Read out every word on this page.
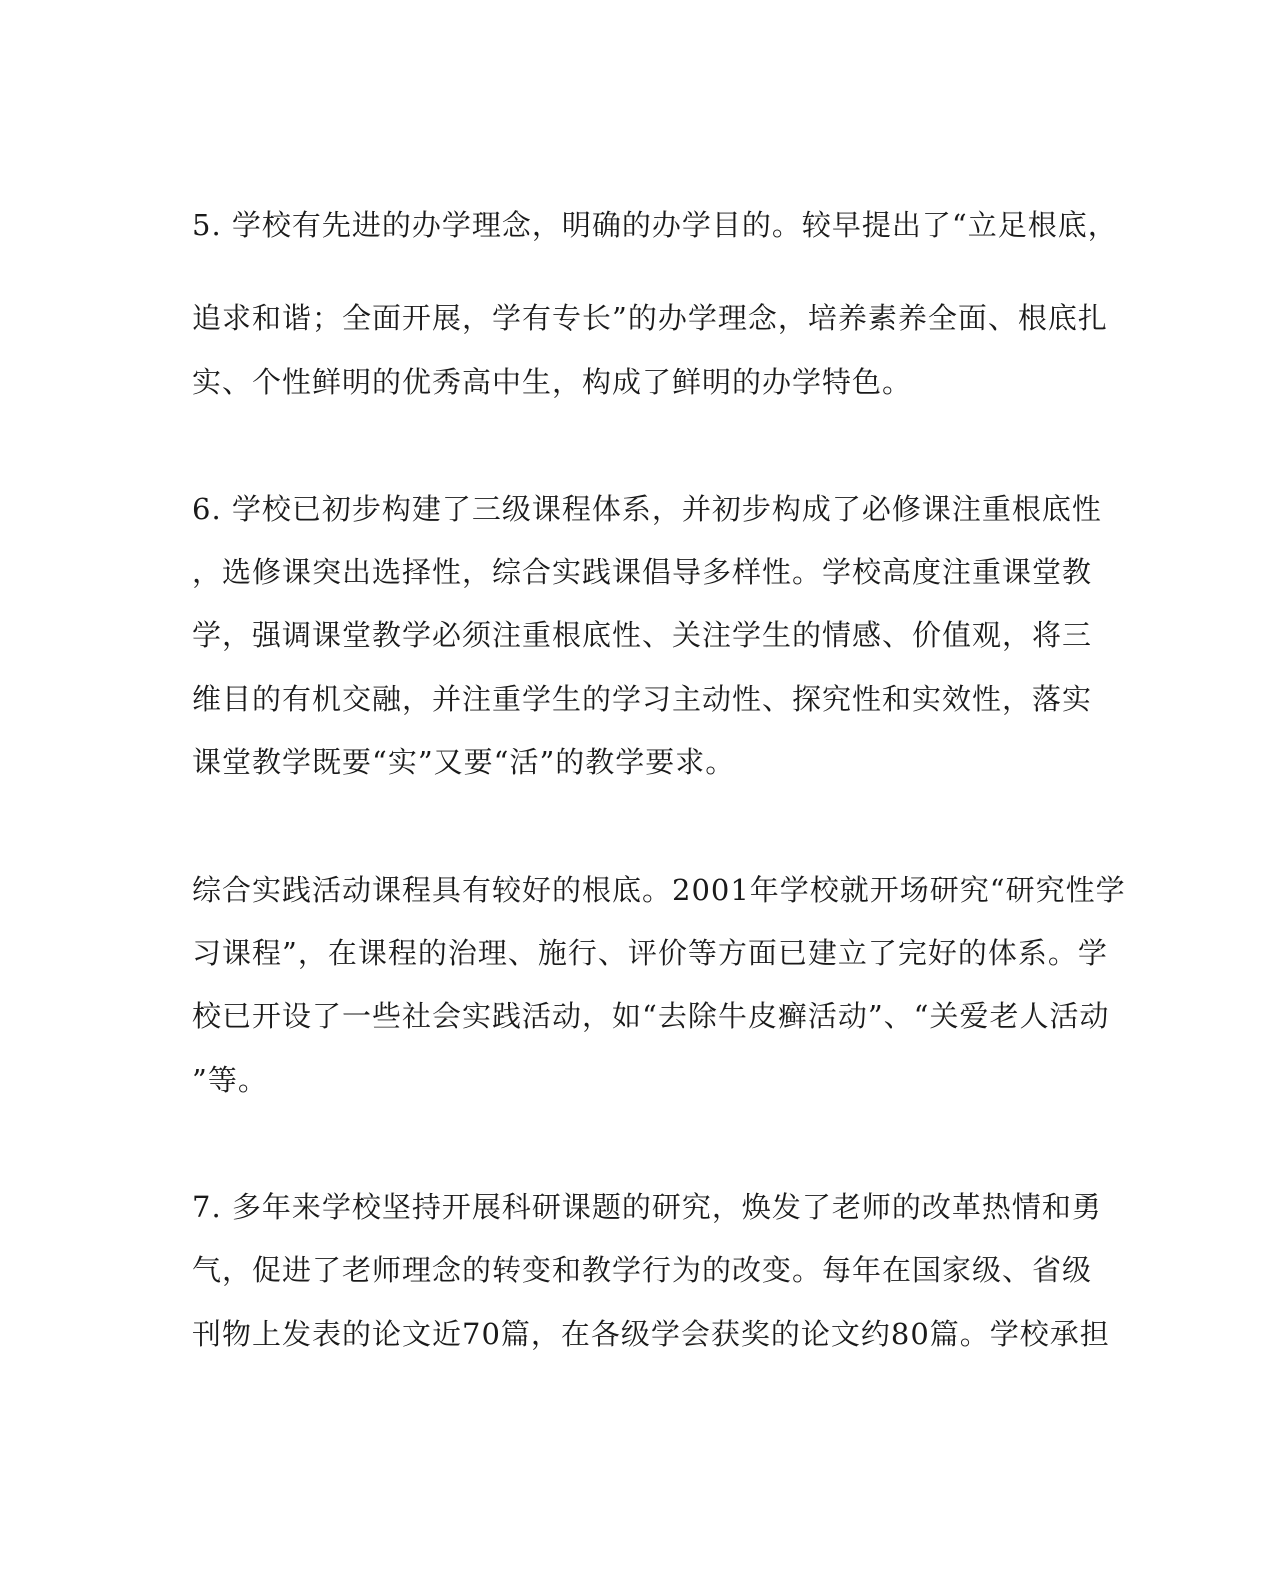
5. 学校有先进的办学理念，明确的办学目的。较早提出了“立足根底，
追求和谐；全面开展，学有专长”的办学理念，培养素养全面、根底扎
实、个性鲜明的优秀高中生，构成了鲜明的办学特色。
6. 学校已初步构建了三级课程体系，并初步构成了必修课注重根底性
，选修课突出选择性，综合实践课倡导多样性。学校高度注重课堂教
学，强调课堂教学必须注重根底性、关注学生的情感、价值观，将三
维目的有机交融，并注重学生的学习主动性、探究性和实效性，落实
课堂教学既要“实”又要“活”的教学要求。
综合实践活动课程具有较好的根底。2001年学校就开场研究“研究性学
习课程”，在课程的治理、施行、评价等方面已建立了完好的体系。学
校已开设了一些社会实践活动，如“去除牛皮癣活动”、“关爱老人活动
”等。
7. 多年来学校坚持开展科研课题的研究，焕发了老师的改革热情和勇
气，促进了老师理念的转变和教学行为的改变。每年在国家级、省级
刊物上发表的论文近70篇，在各级学会获奖的论文约80篇。学校承担
